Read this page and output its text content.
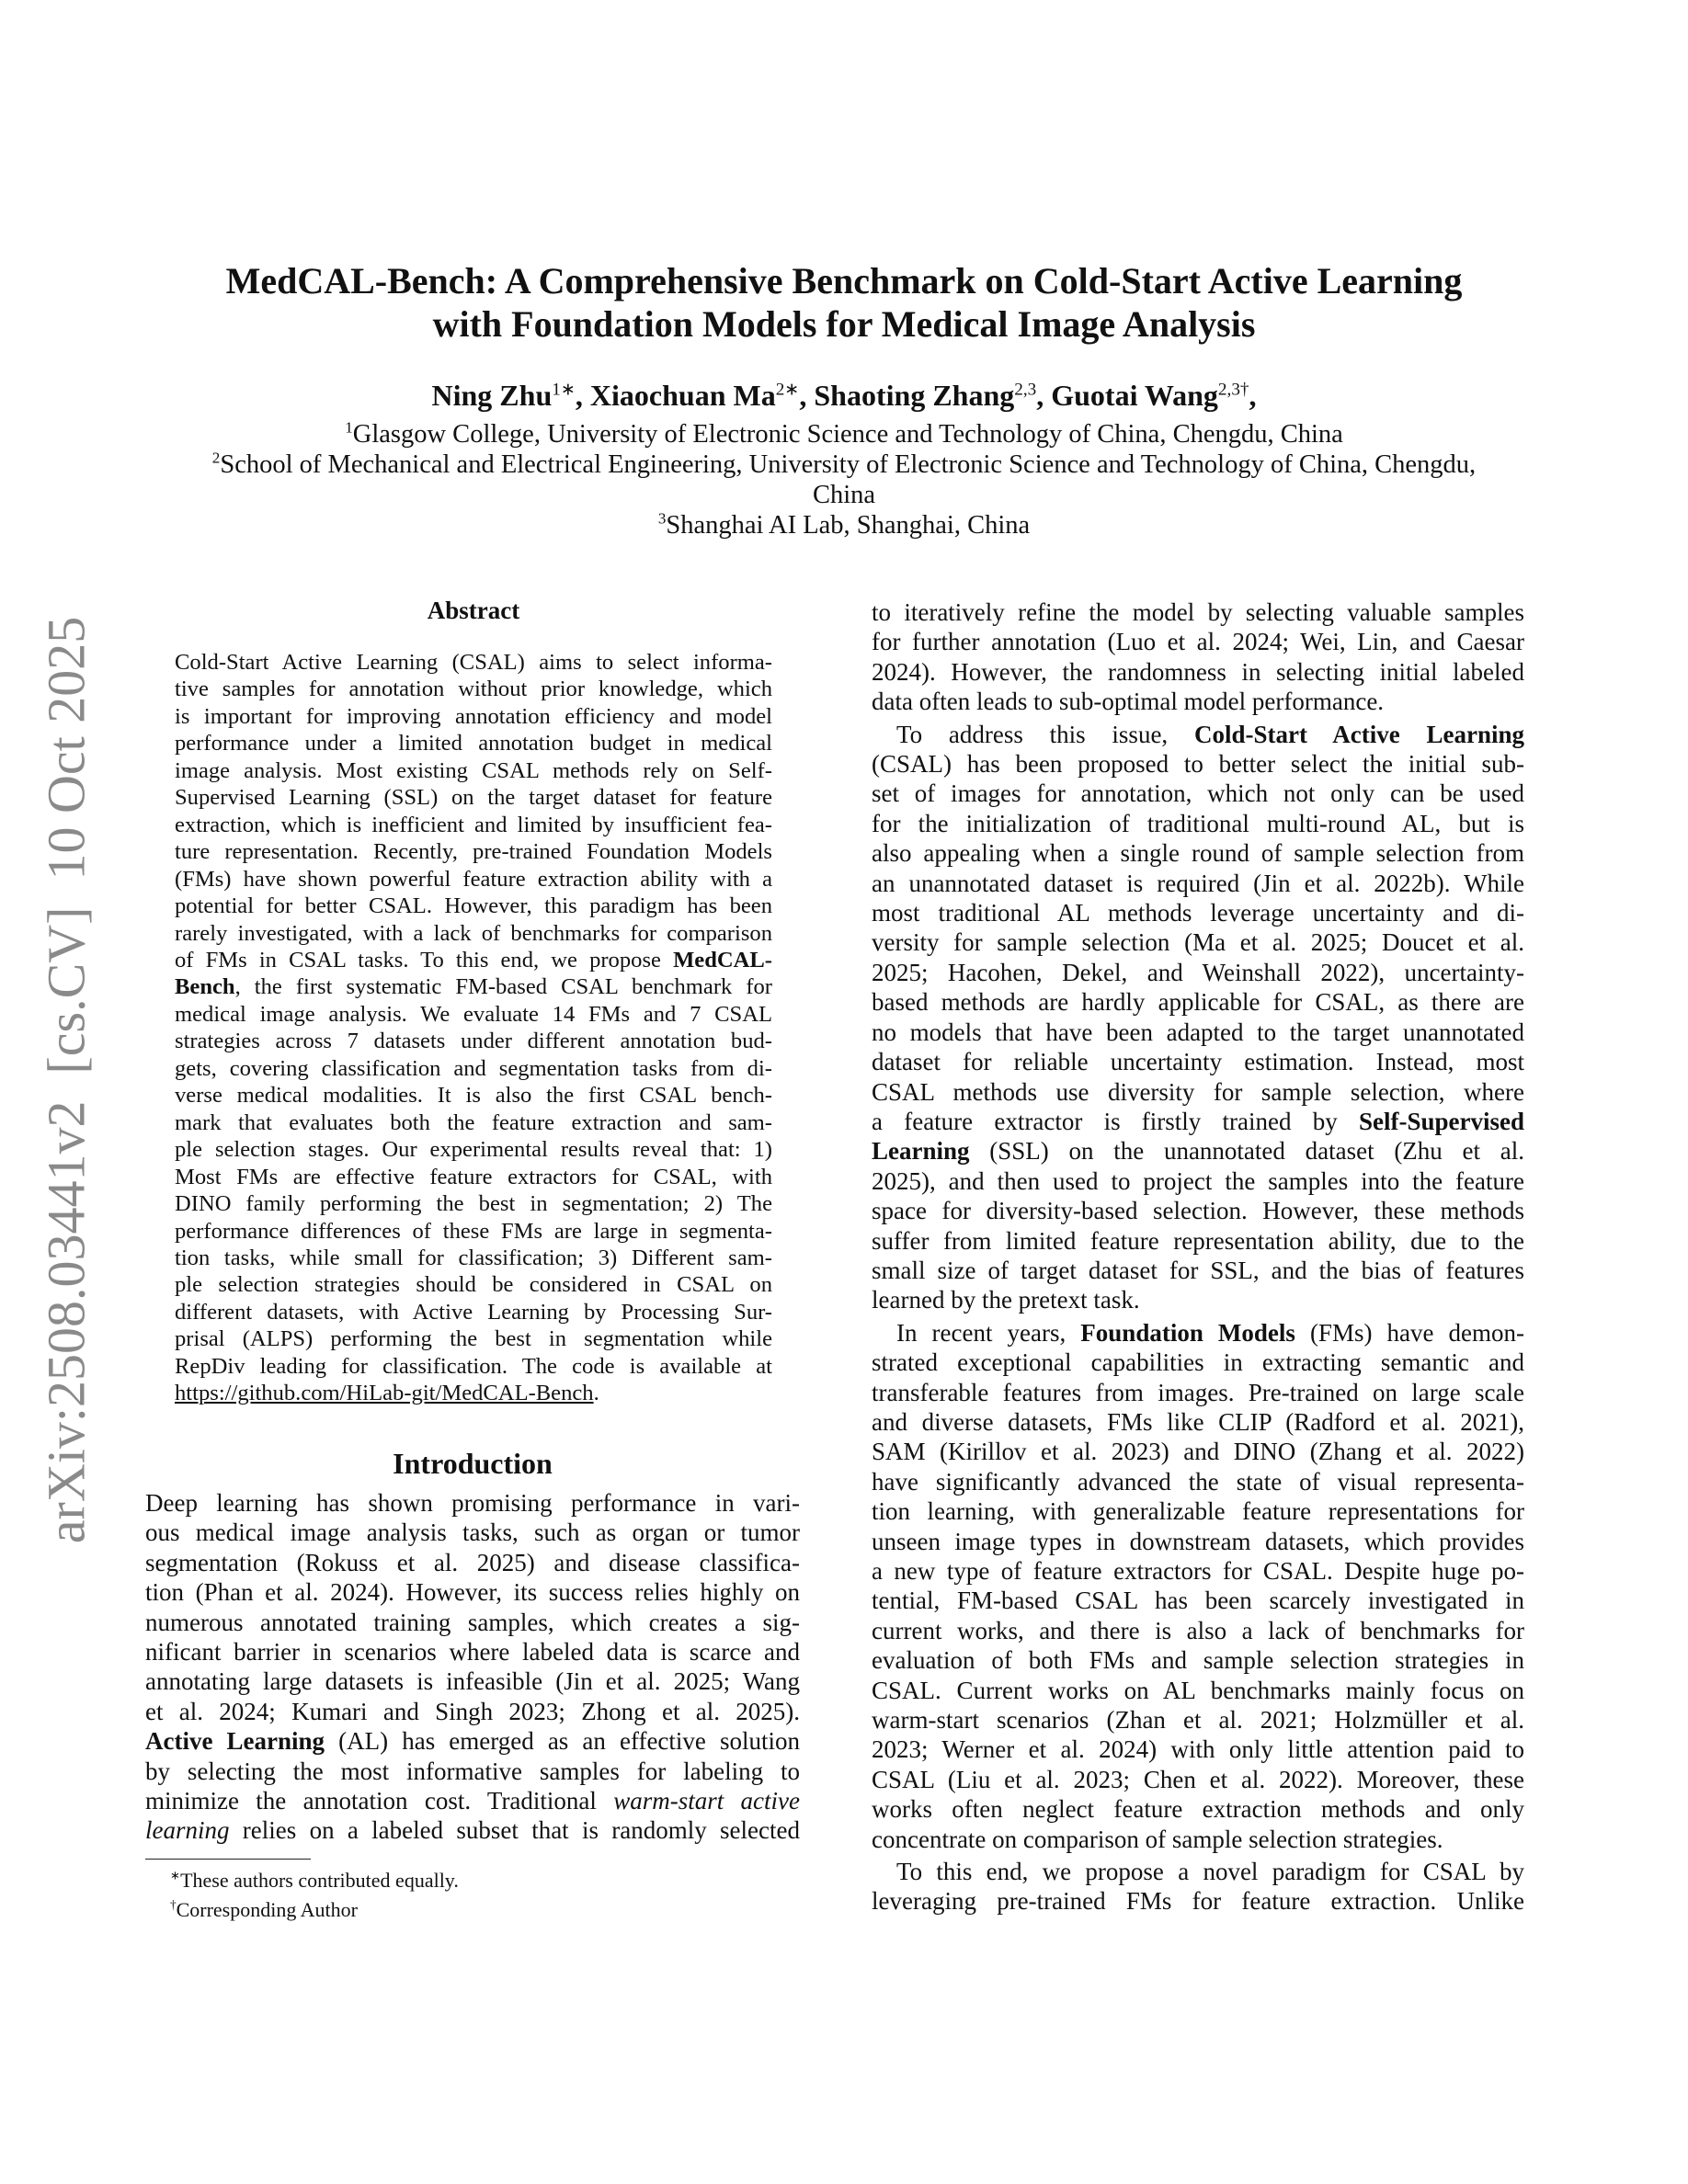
arXiv:2508.03441v2  [cs.CV]  10 Oct 2025
MedCAL-Bench: A Comprehensive Benchmark on Cold-Start Active Learning
with Foundation Models for Medical Image Analysis
Ning Zhu$^{1∗}$, Xiaochuan $Ma^{2∗}$, Shaoting Zhang$^{2,3}$, Guotai Wang$^{2,3\dagger}$,
$^1$Glasgow College, University of Electronic Science and Technology of China, Chengdu, China
$^2$School of Mechanical and Electrical Engineering, University of Electronic Science and Technology of China, Chengdu,
China
$^3$Shanghai AI Lab, Shanghai, China
Abstract
Cold-Start Active Learning (CSAL) aims to select informa-
tive samples for annotation without prior knowledge, which
is important for improving annotation efficiency and model
performance under a limited annotation budget in medical
image analysis. Most existing CSAL methods rely on Self-
Supervised Learning (SSL) on the target dataset for feature
extraction, which is inefficient and limited by insufficient fea-
ture representation. Recently, pre-trained Foundation Models
(FMs) have shown powerful feature extraction ability with a
potential for better CSAL. However, this paradigm has been
rarely investigated, with a lack of benchmarks for comparison
of FMs in CSAL tasks. To this end, we propose MedCAL-
Bench, the first systematic FM-based CSAL benchmark for
medical image analysis. We evaluate 14 FMs and 7 CSAL
strategies across 7 datasets under different annotation bud-
gets, covering classification and segmentation tasks from di-
verse medical modalities. It is also the first CSAL bench-
mark that evaluates both the feature extraction and sam-
ple selection stages. Our experimental results reveal that: 1)
Most FMs are effective feature extractors for CSAL, with
DINO family performing the best in segmentation; 2) The
performance differences of these FMs are large in segmenta-
tion tasks, while small for classification; 3) Different sam-
ple selection strategies should be considered in CSAL on
different datasets, with Active Learning by Processing Sur-
prisal (ALPS) performing the best in segmentation while
RepDiv leading for classification. The code is available at
https://github.com/HiLab-git/MedCAL-Bench.
Introduction
Deep learning has shown promising performance in vari-
ous medical image analysis tasks, such as organ or tumor
segmentation (Rokuss et al. 2025) and disease classifica-
tion (Phan et al. 2024). However, its success relies highly on
numerous annotated training samples, which creates a sig-
nificant barrier in scenarios where labeled data is scarce and
annotating large datasets is infeasible (Jin et al. 2025; Wang
et al. 2024; Kumari and Singh 2023; Zhong et al. 2025).
Active Learning (AL) has emerged as an effective solution
by selecting the most informative samples for labeling to
minimize the annotation cost. Traditional warm-start active
learning relies on a labeled subset that is randomly selected
to iteratively refine the model by selecting valuable samples
for further annotation (Luo et al. 2024; Wei, Lin, and Caesar
2024). However, the randomness in selecting initial labeled
data often leads to sub-optimal model performance.
To address this issue, Cold-Start Active Learning
(CSAL) has been proposed to better select the initial sub-
set of images for annotation, which not only can be used
for the initialization of traditional multi-round AL, but is
also appealing when a single round of sample selection from
an unannotated dataset is required (Jin et al. 2022b). While
most traditional AL methods leverage uncertainty and di-
versity for sample selection (Ma et al. 2025; Doucet et al.
2025; Hacohen, Dekel, and Weinshall 2022), uncertainty-
based methods are hardly applicable for CSAL, as there are
no models that have been adapted to the target unannotated
dataset for reliable uncertainty estimation. Instead, most
CSAL methods use diversity for sample selection, where
a feature extractor is firstly trained by Self-Supervised
Learning (SSL) on the unannotated dataset (Zhu et al.
2025), and then used to project the samples into the feature
space for diversity-based selection. However, these methods
suffer from limited feature representation ability, due to the
small size of target dataset for SSL, and the bias of features
learned by the pretext task.
In recent years, Foundation Models (FMs) have demon-
strated exceptional capabilities in extracting semantic and
transferable features from images. Pre-trained on large scale
and diverse datasets, FMs like CLIP (Radford et al. 2021),
SAM (Kirillov et al. 2023) and DINO (Zhang et al. 2022)
have significantly advanced the state of visual representa-
tion learning, with generalizable feature representations for
unseen image types in downstream datasets, which provides
a new type of feature extractors for CSAL. Despite huge po-
tential, FM-based CSAL has been scarcely investigated in
current works, and there is also a lack of benchmarks for
evaluation of both FMs and sample selection strategies in
CSAL. Current works on AL benchmarks mainly focus on
warm-start scenarios (Zhan et al. 2021; Holzmüller et al.
2023; Werner et al. 2024) with only little attention paid to
CSAL (Liu et al. 2023; Chen et al. 2022). Moreover, these
works often neglect feature extraction methods and only
concentrate on comparison of sample selection strategies.
To this end, we propose a novel paradigm for CSAL by
leveraging pre-trained FMs for feature extraction. Unlike
∗These authors contributed equally.
†Corresponding Author
